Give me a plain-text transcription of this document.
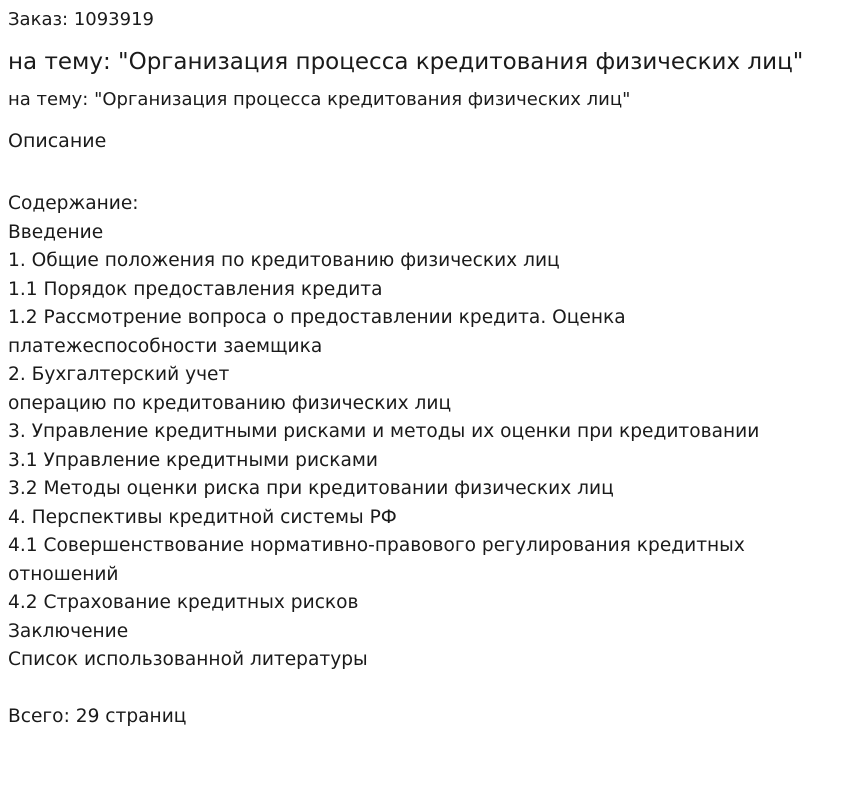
Заказ: 1093919
на тему: "Организация процесса кредитования физических лиц"
на тему: "Организация процесса кредитования физических лиц"
Описание
Содержание:
Введение
1. Общие положения по кредитованию физических лиц
1.1 Порядок предоставления кредита
1.2 Рассмотрение вопроса о предоставлении кредита. Оценка платежеспособности заемщика
2. Бухгалтерский учет
операцию по кредитованию физических лиц
3. Управление кредитными рисками и методы их оценки при кредитовании
3.1 Управление кредитными рисками
3.2 Методы оценки риска при кредитовании физических лиц
4. Перспективы кредитной системы РФ
4.1 Совершенствование нормативно-правового регулирования кредитных отношений
4.2 Страхование кредитных рисков
Заключение
Список использованной литературы
Всего: 29 страниц
